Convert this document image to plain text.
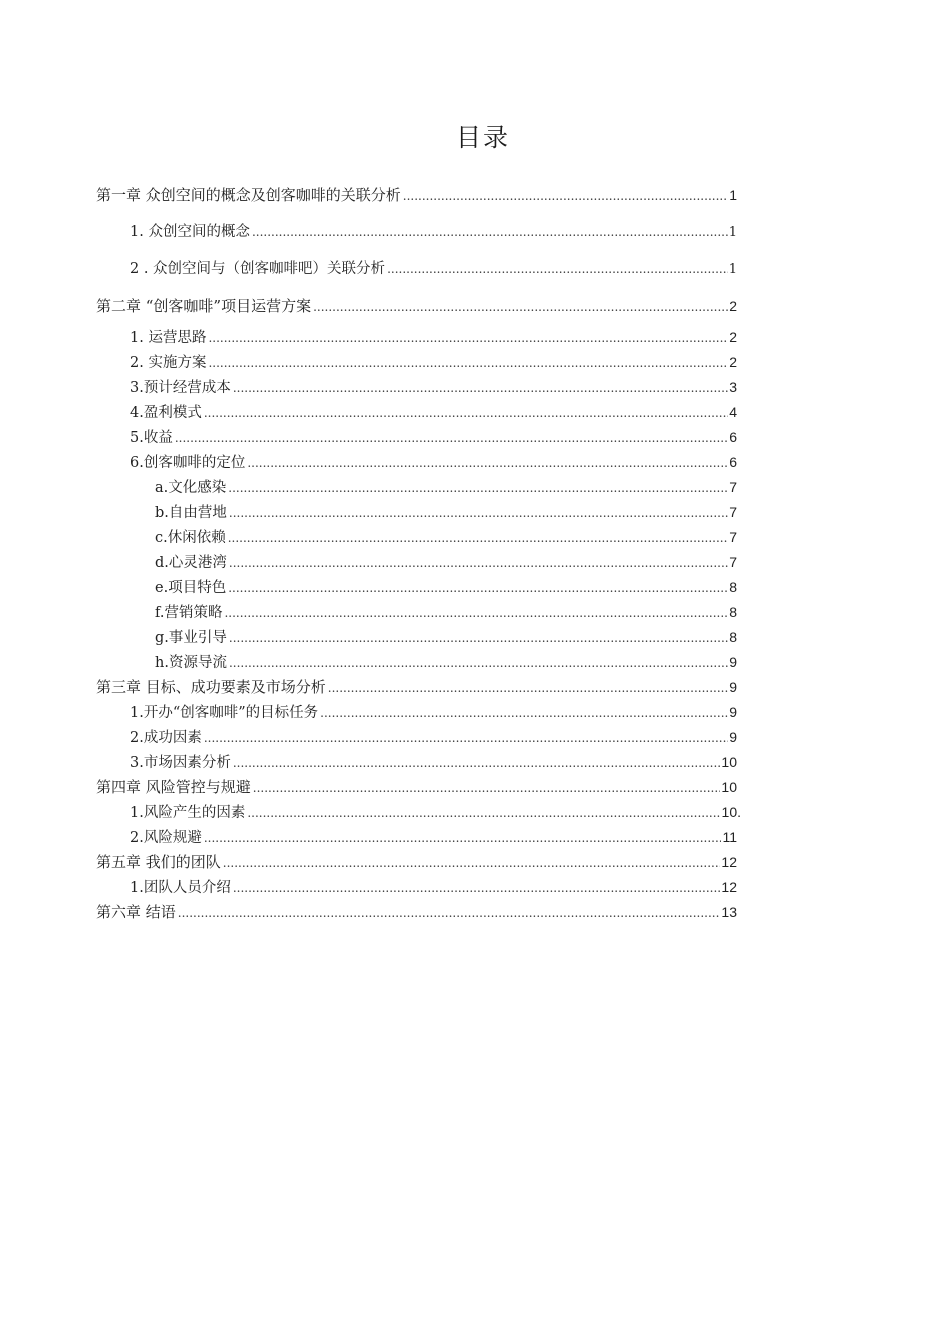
目录
第一章 众创空间的概念及创客咖啡的关联分析 .....	1
1. 众创空间的概念 .....	1
2 . 众创空间与（创客咖啡吧）关联分析 .....	1
第二章 “创客咖啡”项目运营方案 .....	2
1. 运营思路 .....	2
2. 实施方案 .....	2
3.预计经营成本 .....	3
4.盈利模式 .....	4
5.收益 .....	6
6.创客咖啡的定位 .....	6
a.文化感染 .....	7
b.自由营地 .....	7
c.休闲依赖 .....	7
d.心灵港湾 .....	7
e.项目特色 .....	8
f.营销策略 .....	8
g.事业引导 .....	8
h.资源导流 .....	9
第三章 目标、成功要素及市场分析 .....	9
1.开办“创客咖啡”的目标任务 .....	9
2.成功因素 .....	9
3.市场因素分析 .....	10
第四章 风险管控与规避 .....	10
1.风险产生的因素 .....	10.
2.风险规避 .....	11
第五章 我们的团队 .....	12
1.团队人员介绍 .....	12
第六章 结语 .....	13
